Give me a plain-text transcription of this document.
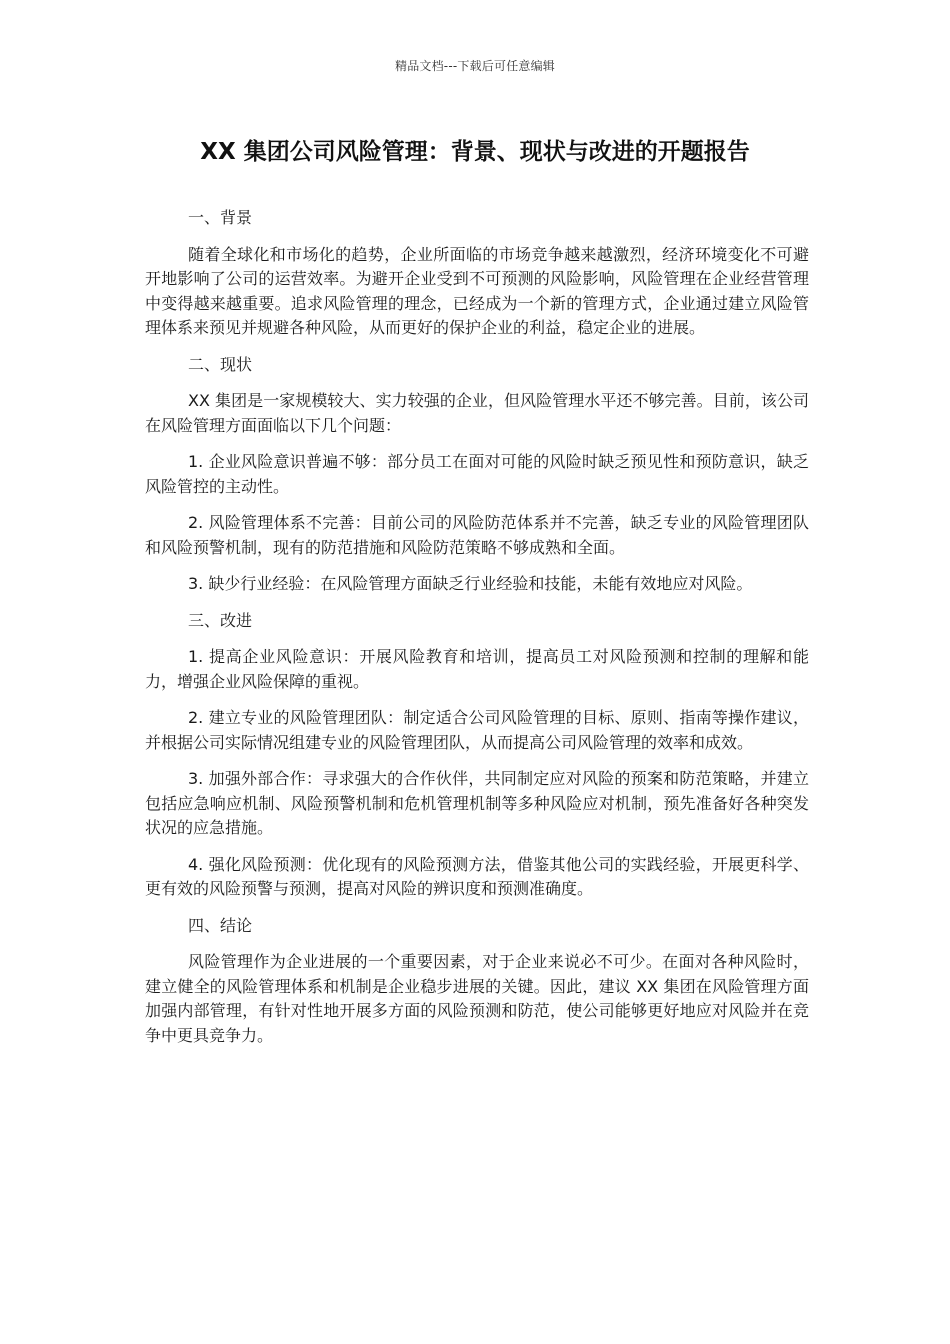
精品文档---下载后可任意编辑
XX 集团公司风险管理：背景、现状与改进的开题报告

一、背景

随着全球化和市场化的趋势，企业所面临的市场竞争越来越激烈，经济环境变化不可避开地影响了公司的运营效率。为避开企业受到不可预测的风险影响，风险管理在企业经营管理中变得越来越重要。追求风险管理的理念，已经成为一个新的管理方式，企业通过建立风险管理体系来预见并规避各种风险，从而更好的保护企业的利益，稳定企业的进展。

二、现状

XX 集团是一家规模较大、实力较强的企业，但风险管理水平还不够完善。目前，该公司在风险管理方面面临以下几个问题：

1. 企业风险意识普遍不够：部分员工在面对可能的风险时缺乏预见性和预防意识，缺乏风险管控的主动性。

2. 风险管理体系不完善：目前公司的风险防范体系并不完善，缺乏专业的风险管理团队和风险预警机制，现有的防范措施和风险防范策略不够成熟和全面。

3. 缺少行业经验：在风险管理方面缺乏行业经验和技能，未能有效地应对风险。

三、改进

1. 提高企业风险意识：开展风险教育和培训，提高员工对风险预测和控制的理解和能力，增强企业风险保障的重视。

2. 建立专业的风险管理团队：制定适合公司风险管理的目标、原则、指南等操作建议，并根据公司实际情况组建专业的风险管理团队，从而提高公司风险管理的效率和成效。

3. 加强外部合作：寻求强大的合作伙伴，共同制定应对风险的预案和防范策略，并建立包括应急响应机制、风险预警机制和危机管理机制等多种风险应对机制，预先准备好各种突发状况的应急措施。

4. 强化风险预测：优化现有的风险预测方法，借鉴其他公司的实践经验，开展更科学、更有效的风险预警与预测，提高对风险的辨识度和预测准确度。

四、结论

风险管理作为企业进展的一个重要因素，对于企业来说必不可少。在面对各种风险时，建立健全的风险管理体系和机制是企业稳步进展的关键。因此，建议 XX 集团在风险管理方面加强内部管理，有针对性地开展多方面的风险预测和防范，使公司能够更好地应对风险并在竞争中更具竞争力。
